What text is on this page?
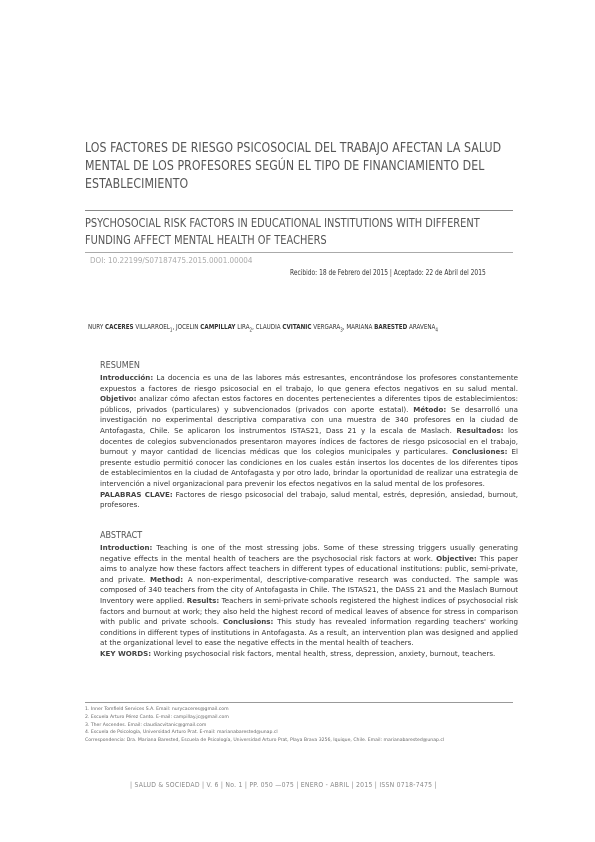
LOS FACTORES DE RIESGO PSICOSOCIAL DEL TRABAJO AFECTAN LA SALUD MENTAL DE LOS PROFESORES SEGÚN EL TIPO DE FINANCIAMIENTO DEL ESTABLECIMIENTO
PSYCHOSOCIAL RISK FACTORS IN EDUCATIONAL INSTITUTIONS WITH DIFFERENT FUNDING AFFECT MENTAL HEALTH OF TEACHERS
DOI: 10.22199/S07187475.2015.0001.00004
Recibido: 18 de Febrero del 2015 | Aceptado: 22 de Abril del 2015
NURY CACERES $VILLARROEL_1$, JOCELIN CAMPILLAY $LIRA_2$, CLAUDIA CVITANIC $VERGARA_3$, MARIANA BARESTED $ARAVENA_4$
RESUMEN
Introducción: La docencia es una de las labores más estresantes, encontrándose los profesores constantemente expuestos a factores de riesgo psicosocial en el trabajo, lo que genera efectos negativos en su salud mental. Objetivo: analizar cómo afectan estos factores en docentes pertenecientes a diferentes tipos de establecimientos: públicos, privados (particulares) y subvencionados (privados con aporte estatal). Método: Se desarrolló una investigación no experimental descriptiva comparativa con una muestra de 340 profesores en la ciudad de Antofagasta, Chile. Se aplicaron los instrumentos ISTAS21, Dass 21 y la escala de Maslach. Resultados: los docentes de colegios subvencionados presentaron mayores índices de factores de riesgo psicosocial en el trabajo, burnout y mayor cantidad de licencias médicas que los colegios municipales y particulares. Conclusiones: El presente estudio permitió conocer las condiciones en los cuales están insertos los docentes de los diferentes tipos de establecimientos en la ciudad de Antofagasta y por otro lado, brindar la oportunidad de realizar una estrategia de intervención a nivel organizacional para prevenir los efectos negativos en la salud mental de los profesores.
PALABRAS CLAVE: Factores de riesgo psicosocial del trabajo, salud mental, estrés, depresión, ansiedad, burnout, profesores.
ABSTRACT
Introduction: Teaching is one of the most stressing jobs. Some of these stressing triggers usually generating negative effects in the mental health of teachers are the psychosocial risk factors at work. Objective: This paper aims to analyze how these factors affect teachers in different types of educational institutions: public, semi-private, and private. Method: A non-experimental, descriptive-comparative research was conducted. The sample was composed of 340 teachers from the city of Antofagasta in Chile. The ISTAS21, the DASS 21 and the Maslach Burnout Inventory were applied. Results: Teachers in semi-private schools registered the highest indices of psychosocial risk factors and burnout at work; they also held the highest record of medical leaves of absence for stress in comparison with public and private schools. Conclusions: This study has revealed information regarding teachers' working conditions in different types of institutions in Antofagasta. As a result, an intervention plan was designed and applied at the organizational level to ease the negative effects in the mental health of teachers.
KEY WORDS: Working psychosocial risk factors, mental health, stress, depression, anxiety, burnout, teachers.
1. Inner Tomfield Services S.A. Email: nurycaceres@gmail.com
2. Escuela Arturo Pérez Canto. E-mail: campillay.jc@gmail.com
3. Ther Ascendes. Email: claudiacvitanic@gmail.com
4. Escuela de Psicología, Universidad Arturo Prat. E-mail: marianabarested@unap.cl
Correspondencia: Dra. Mariana Barested, Escuela de Psicología, Universidad Arturo Prat, Playa Brava 3256, Iquique, Chile. Email: marianabarested@unap.cl
| SALUD & SOCIEDAD | V. 6 | No. 1 | PP. 050 —075 | ENERO - ABRIL | 2015 | ISSN 0718-7475 |
